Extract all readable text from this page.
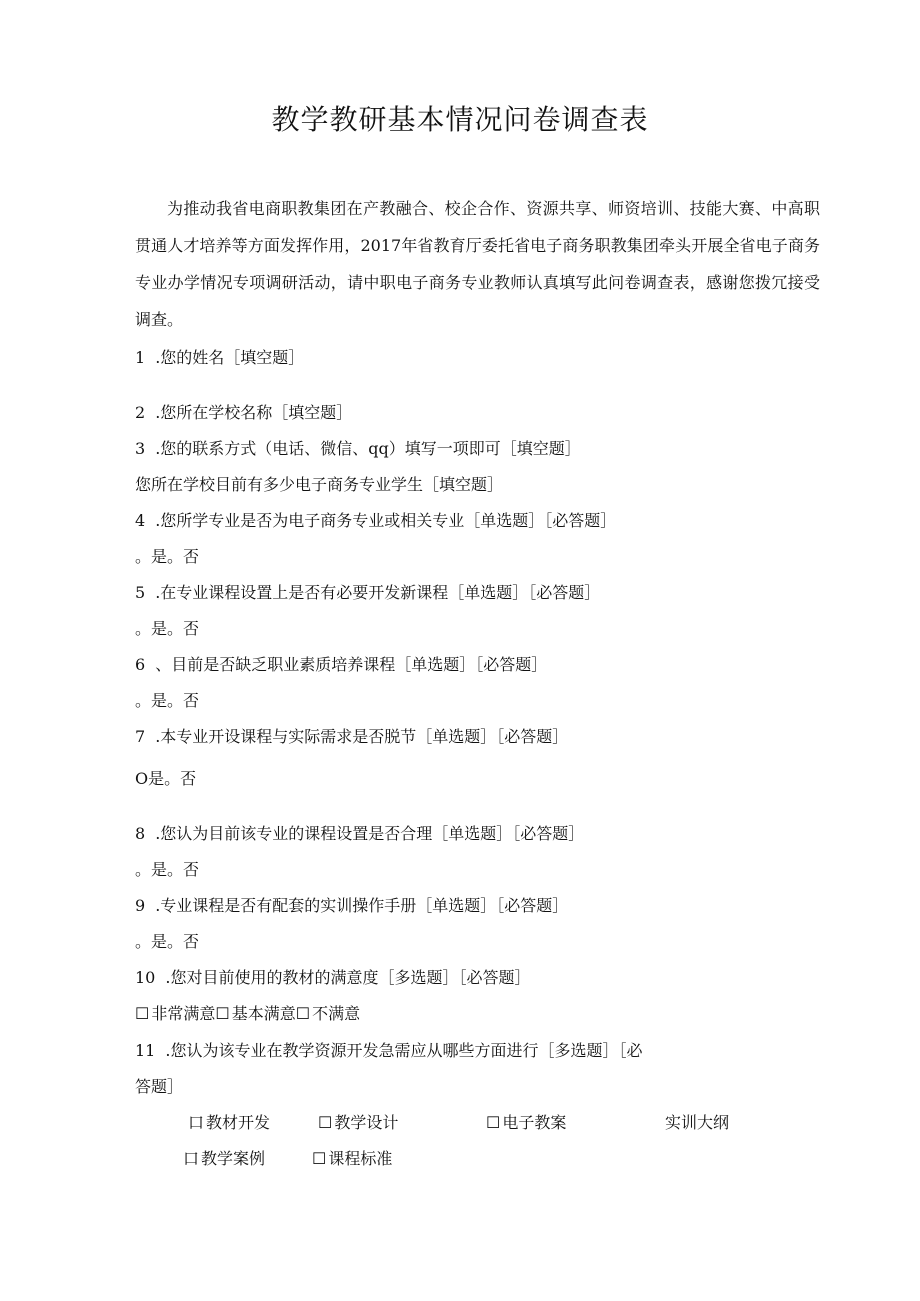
教学教研基本情况问卷调查表
为推动我省电商职教集团在产教融合、校企合作、资源共享、师资培训、技能大赛、中高职贯通人才培养等方面发挥作用，2017年省教育厅委托省电子商务职教集团牵头开展全省电子商务专业办学情况专项调研活动，请中职电子商务专业教师认真填写此问卷调查表，感谢您拨冗接受调查。
1 .您的姓名［填空题］
2 .您所在学校名称［填空题］
3 .您的联系方式（电话、微信、qq）填写一项即可［填空题］
您所在学校目前有多少电子商务专业学生［填空题］
4 .您所学专业是否为电子商务专业或相关专业［单选题］［必答题］
。是。否
5 .在专业课程设置上是否有必要开发新课程［单选题］［必答题］
。是。否
6 、目前是否缺乏职业素质培养课程［单选题］［必答题］
。是。否
7 .本专业开设课程与实际需求是否脱节［单选题］［必答题］
O是。否
8 .您认为目前该专业的课程设置是否合理［单选题］［必答题］
。是。否
9 .专业课程是否有配套的实训操作手册［单选题］［必答题］
。是。否
10 .您对目前使用的教材的满意度［多选题］［必答题］
☐ 非常满意☐ 基本满意☐ 不满意
11 .您认为该专业在教学资源开发急需应从哪些方面进行［多选题］［必
答题］
口 教材开发	☐ 教学设计	☐ 电子教案	实训大纲
口 教学案例	☐ 课程标准
